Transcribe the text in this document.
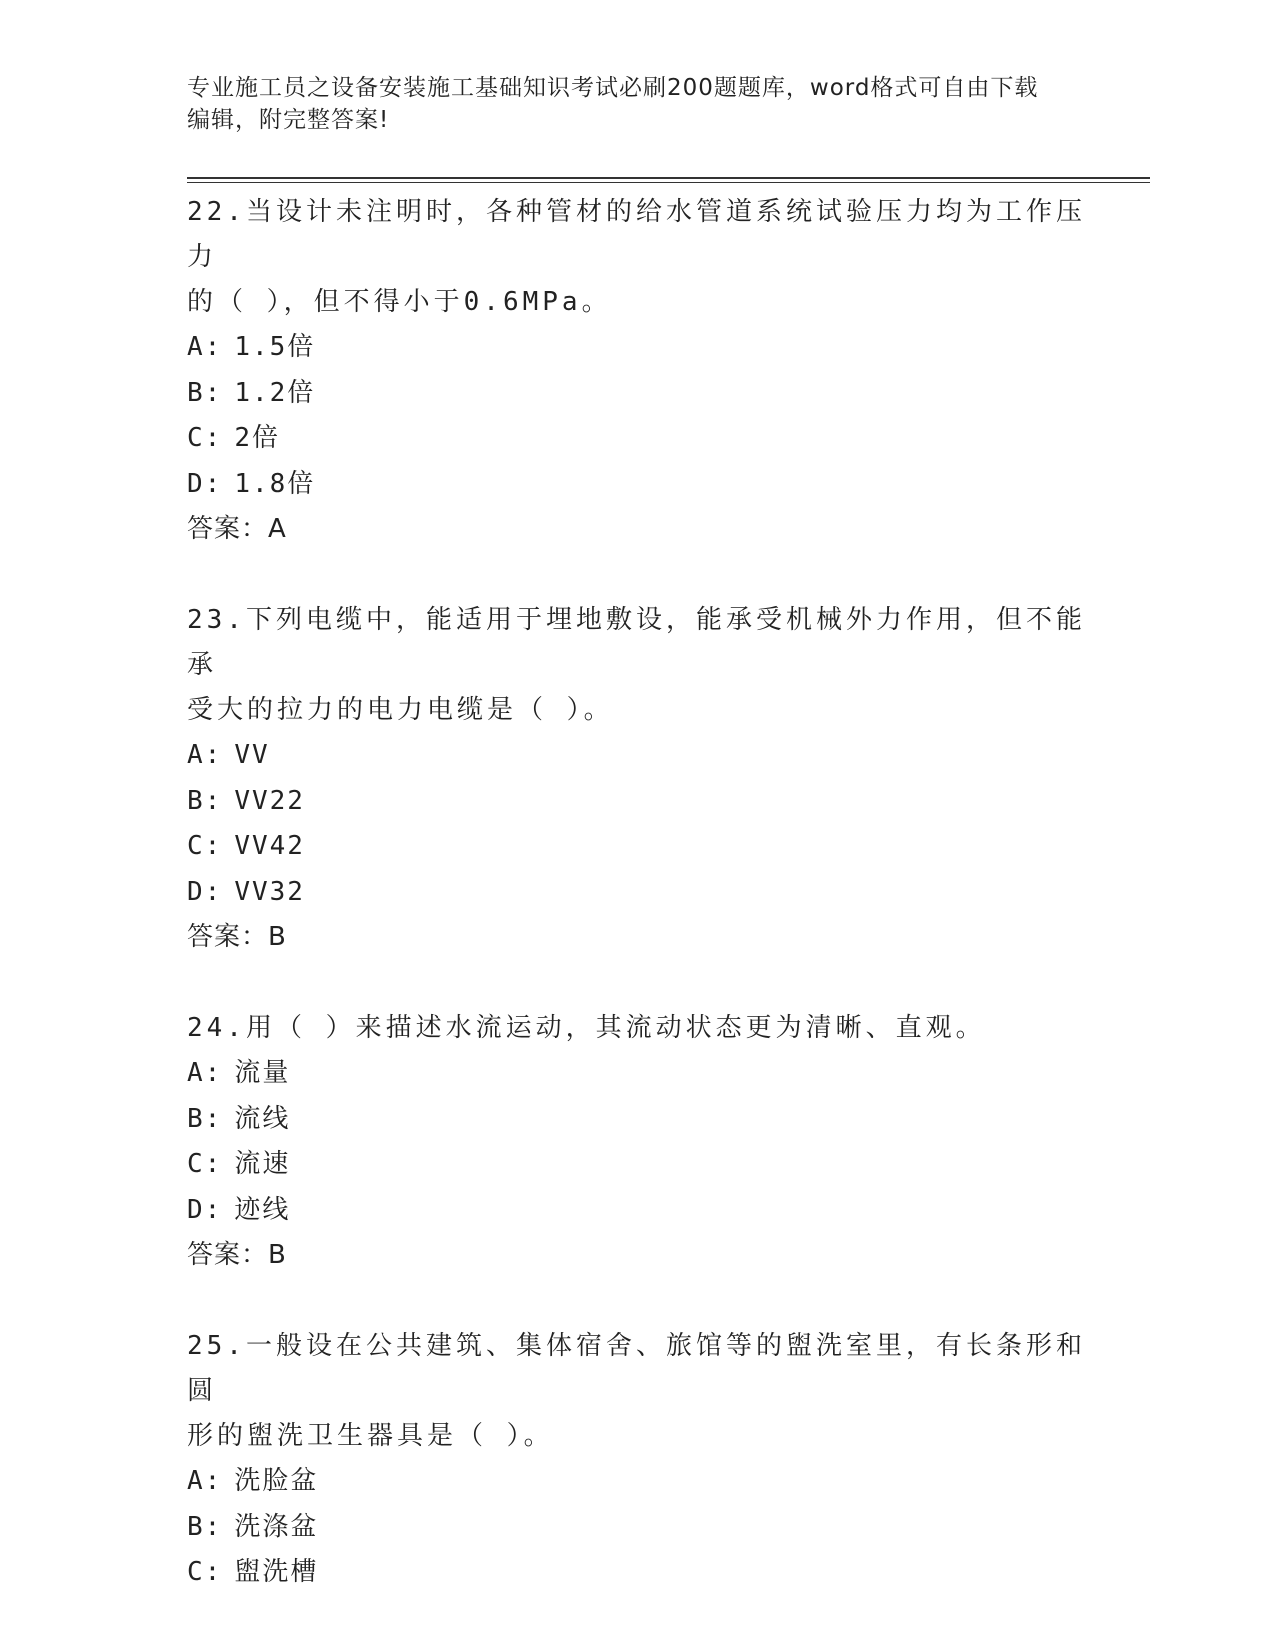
专业施工员之设备安装施工基础知识考试必刷200题题库，word格式可自由下载
编辑，附完整答案!

22.当设计未注明时，各种管材的给水管道系统试验压力均为工作压力

的（ ），但不得小于0.6MPa。

A: 1.5倍

B: 1.2倍

C: 2倍

D: 1.8倍

答案：A

23.下列电缆中，能适用于埋地敷设，能承受机械外力作用，但不能承

受大的拉力的电力电缆是（ ）。

A: VV

B: VV22

C: VV42

D: VV32

答案：B

24.用（ ）来描述水流运动，其流动状态更为清晰、直观。

A: 流量

B: 流线

C: 流速

D: 迹线

答案：B

25.一般设在公共建筑、集体宿舍、旅馆等的盥洗室里，有长条形和圆

形的盥洗卫生器具是（ ）。

A: 洗脸盆

B: 洗涤盆

C: 盥洗槽
